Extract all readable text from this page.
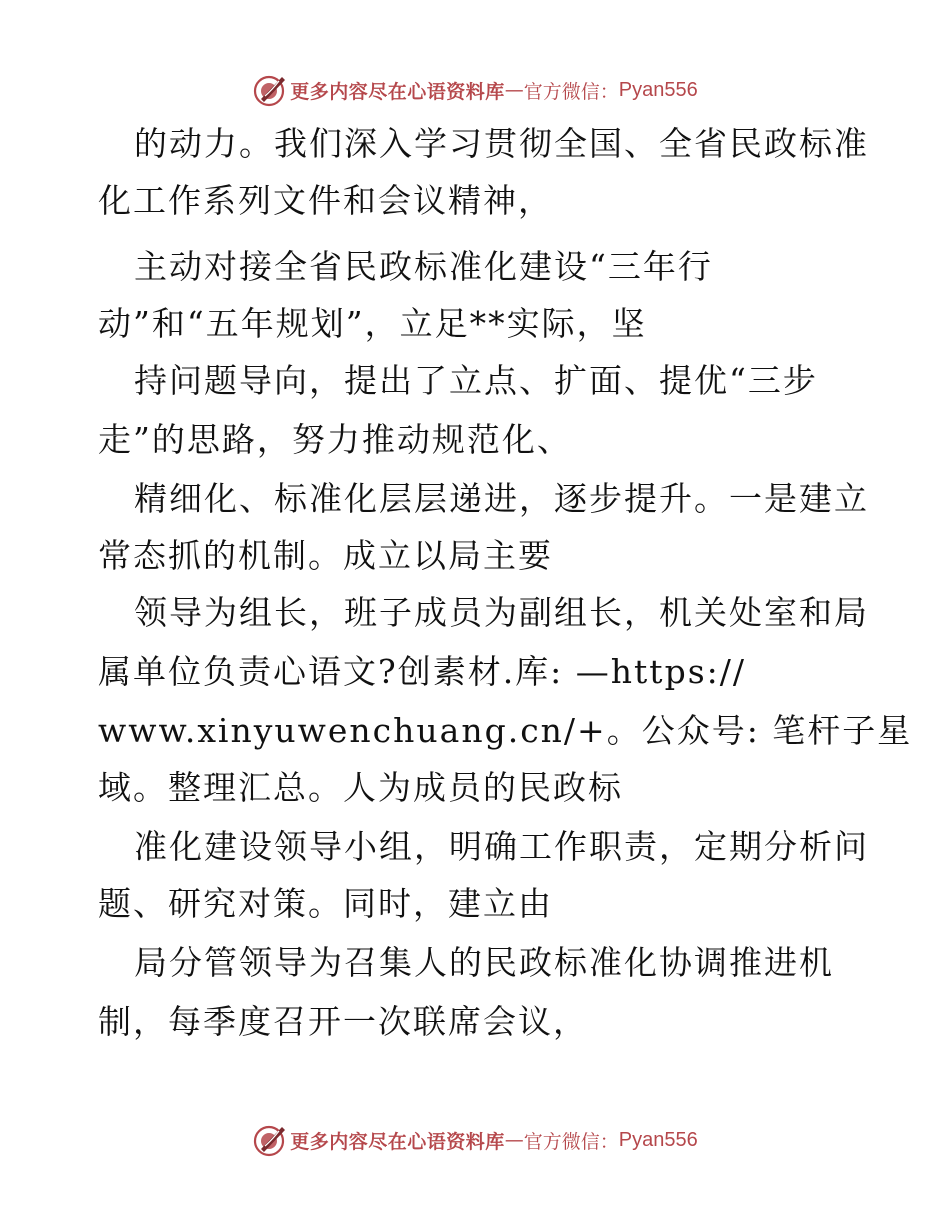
更多内容尽在心语资料库 — 官方微信： Pyan556
的动力。我们深入学习贯彻全国、全省民政标准
化工作系列文件和会议精神，
主动对接全省民政标准化建设“三年行
动”和“五年规划”，立足**实际，坚
持问题导向，提出了立点、扩面、提优“三步
走”的思路，努力推动规范化、
精细化、标准化层层递进，逐步提升。一是建立
常态抓的机制。成立以局主要
领导为组长，班子成员为副组长，机关处室和局
属单位负责心语文?创素材.库: —https://
www.xinyuwenchuang.cn/+。公众号: 笔杆子星
域。整理汇总。人为成员的民政标
准化建设领导小组，明确工作职责，定期分析问
题、研究对策。同时，建立由
局分管领导为召集人的民政标准化协调推进机
制，每季度召开一次联席会议，
更多内容尽在心语资料库 — 官方微信： Pyan556
